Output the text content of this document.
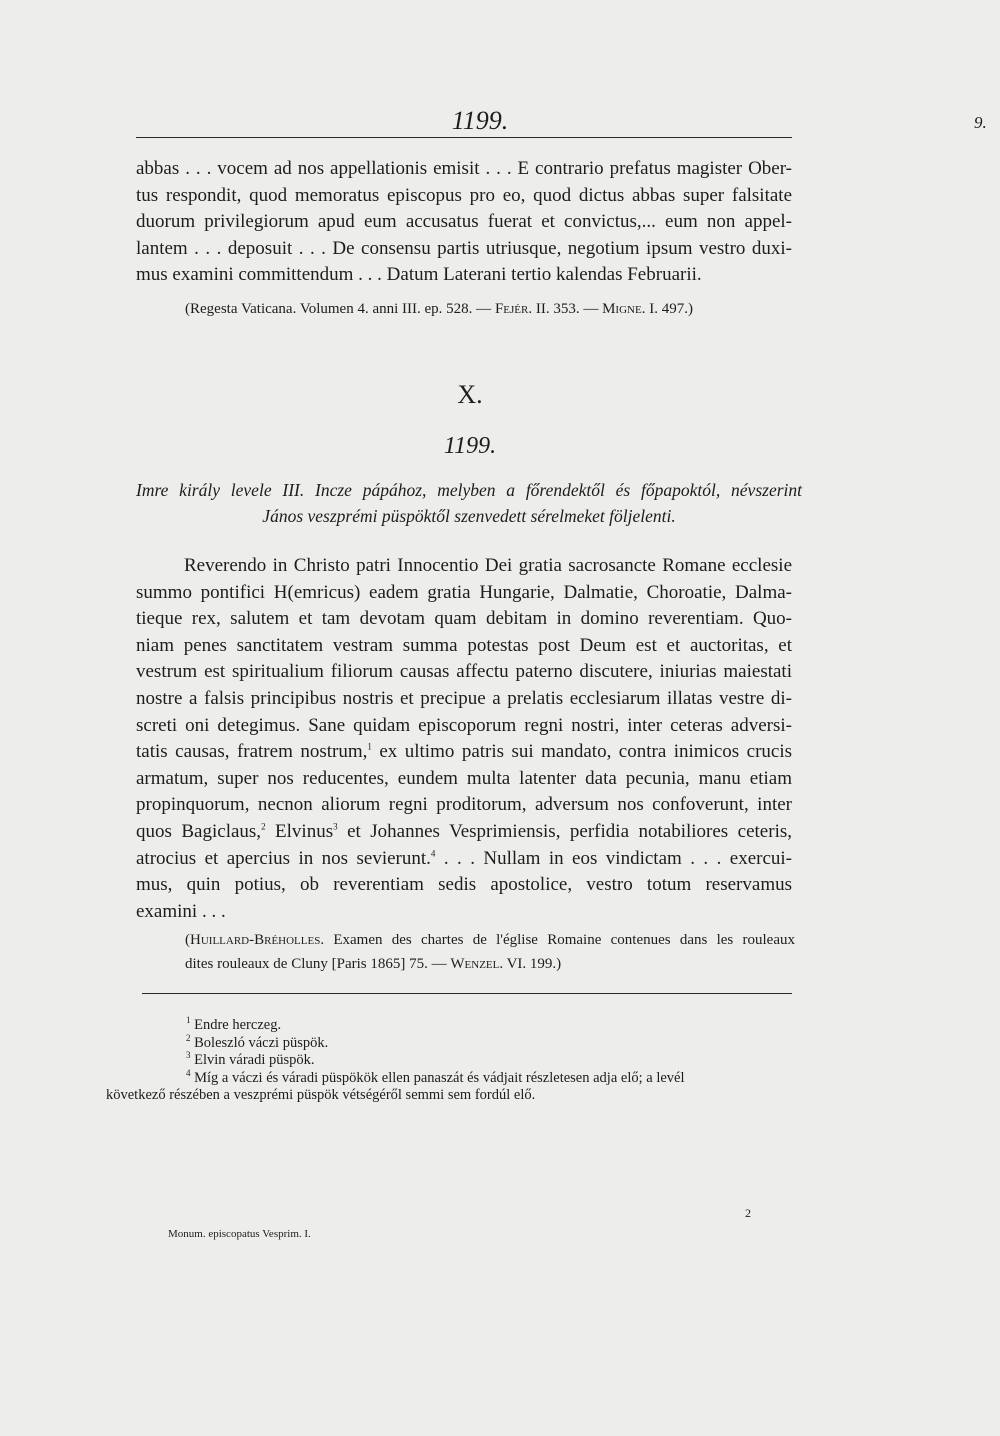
1199.	9.
abbas . . . vocem ad nos appellationis emisit . . . E contrario prefatus magister Ober-
tus respondit, quod memoratus episcopus pro eo, quod dictus abbas super falsitate
duorum privilegiorum apud eum accusatus fuerat et convictus,... eum non appel-
lantem . . . deposuit . . . De consensu partis utriusque, negotium ipsum vestro duxi-
mus examini committendum . . . Datum Laterani tertio kalendas Februarii.
(Regesta Vaticana. Volumen 4. anni III. ep. 528. — Fejér. II. 353. — Migne. I. 497.)
X.
1199.
Imre király levele III. Incze pápához, melyben a főrendektől és főpapoktól, névszerint
János veszprémi püspöktől szenvedett sérelmeket följelenti.
Reverendo in Christo patri Innocentio Dei gratia sacrosancte Romane ecclesie
summo pontifici H(emricus) eadem gratia Hungarie, Dalmatie, Choroatie, Dalma-
tieque rex, salutem et tam devotam quam debitam in domino reverentiam. Quo-
niam penes sanctitatem vestram summa potestas post Deum est et auctoritas, et
vestrum est spiritualium filiorum causas affectu paterno discutere, iniurias maiestati
nostre a falsis principibus nostris et precipue a prelatis ecclesiarum illatas vestre di-
screti oni detegimus. Sane quidam episcoporum regni nostri, inter ceteras adversi-
tatis causas, fratrem nostrum,$^1$ ex ultimo patris sui mandato, contra inimicos crucis
armatum, super nos reducentes, eundem multa latenter data pecunia, manu etiam
propinquorum, necnon aliorum regni proditorum, adversum nos confoverunt, inter
quos Bagiclaus,$^2$ Elvinus$^3$ et Johannes Vesprimiensis, perfidia notabiliores ceteris,
atrocius et apercius in nos sevierunt.$^4$ . . . Nullam in eos vindictam . . . exercui-
mus, quin potius, ob reverentiam sedis apostolice, vestro totum reservamus
examini . . .
(Huillard-Bréholles. Examen des chartes de l'église Romaine contenues dans les rouleaux
dites rouleaux de Cluny [Paris 1865] 75. — Wenzel. VI. 199.)
$^1$ Endre herczeg.
$^2$ Boleszló váczi püspök.
$^3$ Elvin váradi püspök.
$^4$ Míg a váczi és váradi püspökök ellen panaszát és vádjait részletesen adja elő; a levél
következő részében a veszprémi püspök vétségéről semmi sem fordúl elő.
Monum. episcopatus Vesprim. I.
2
